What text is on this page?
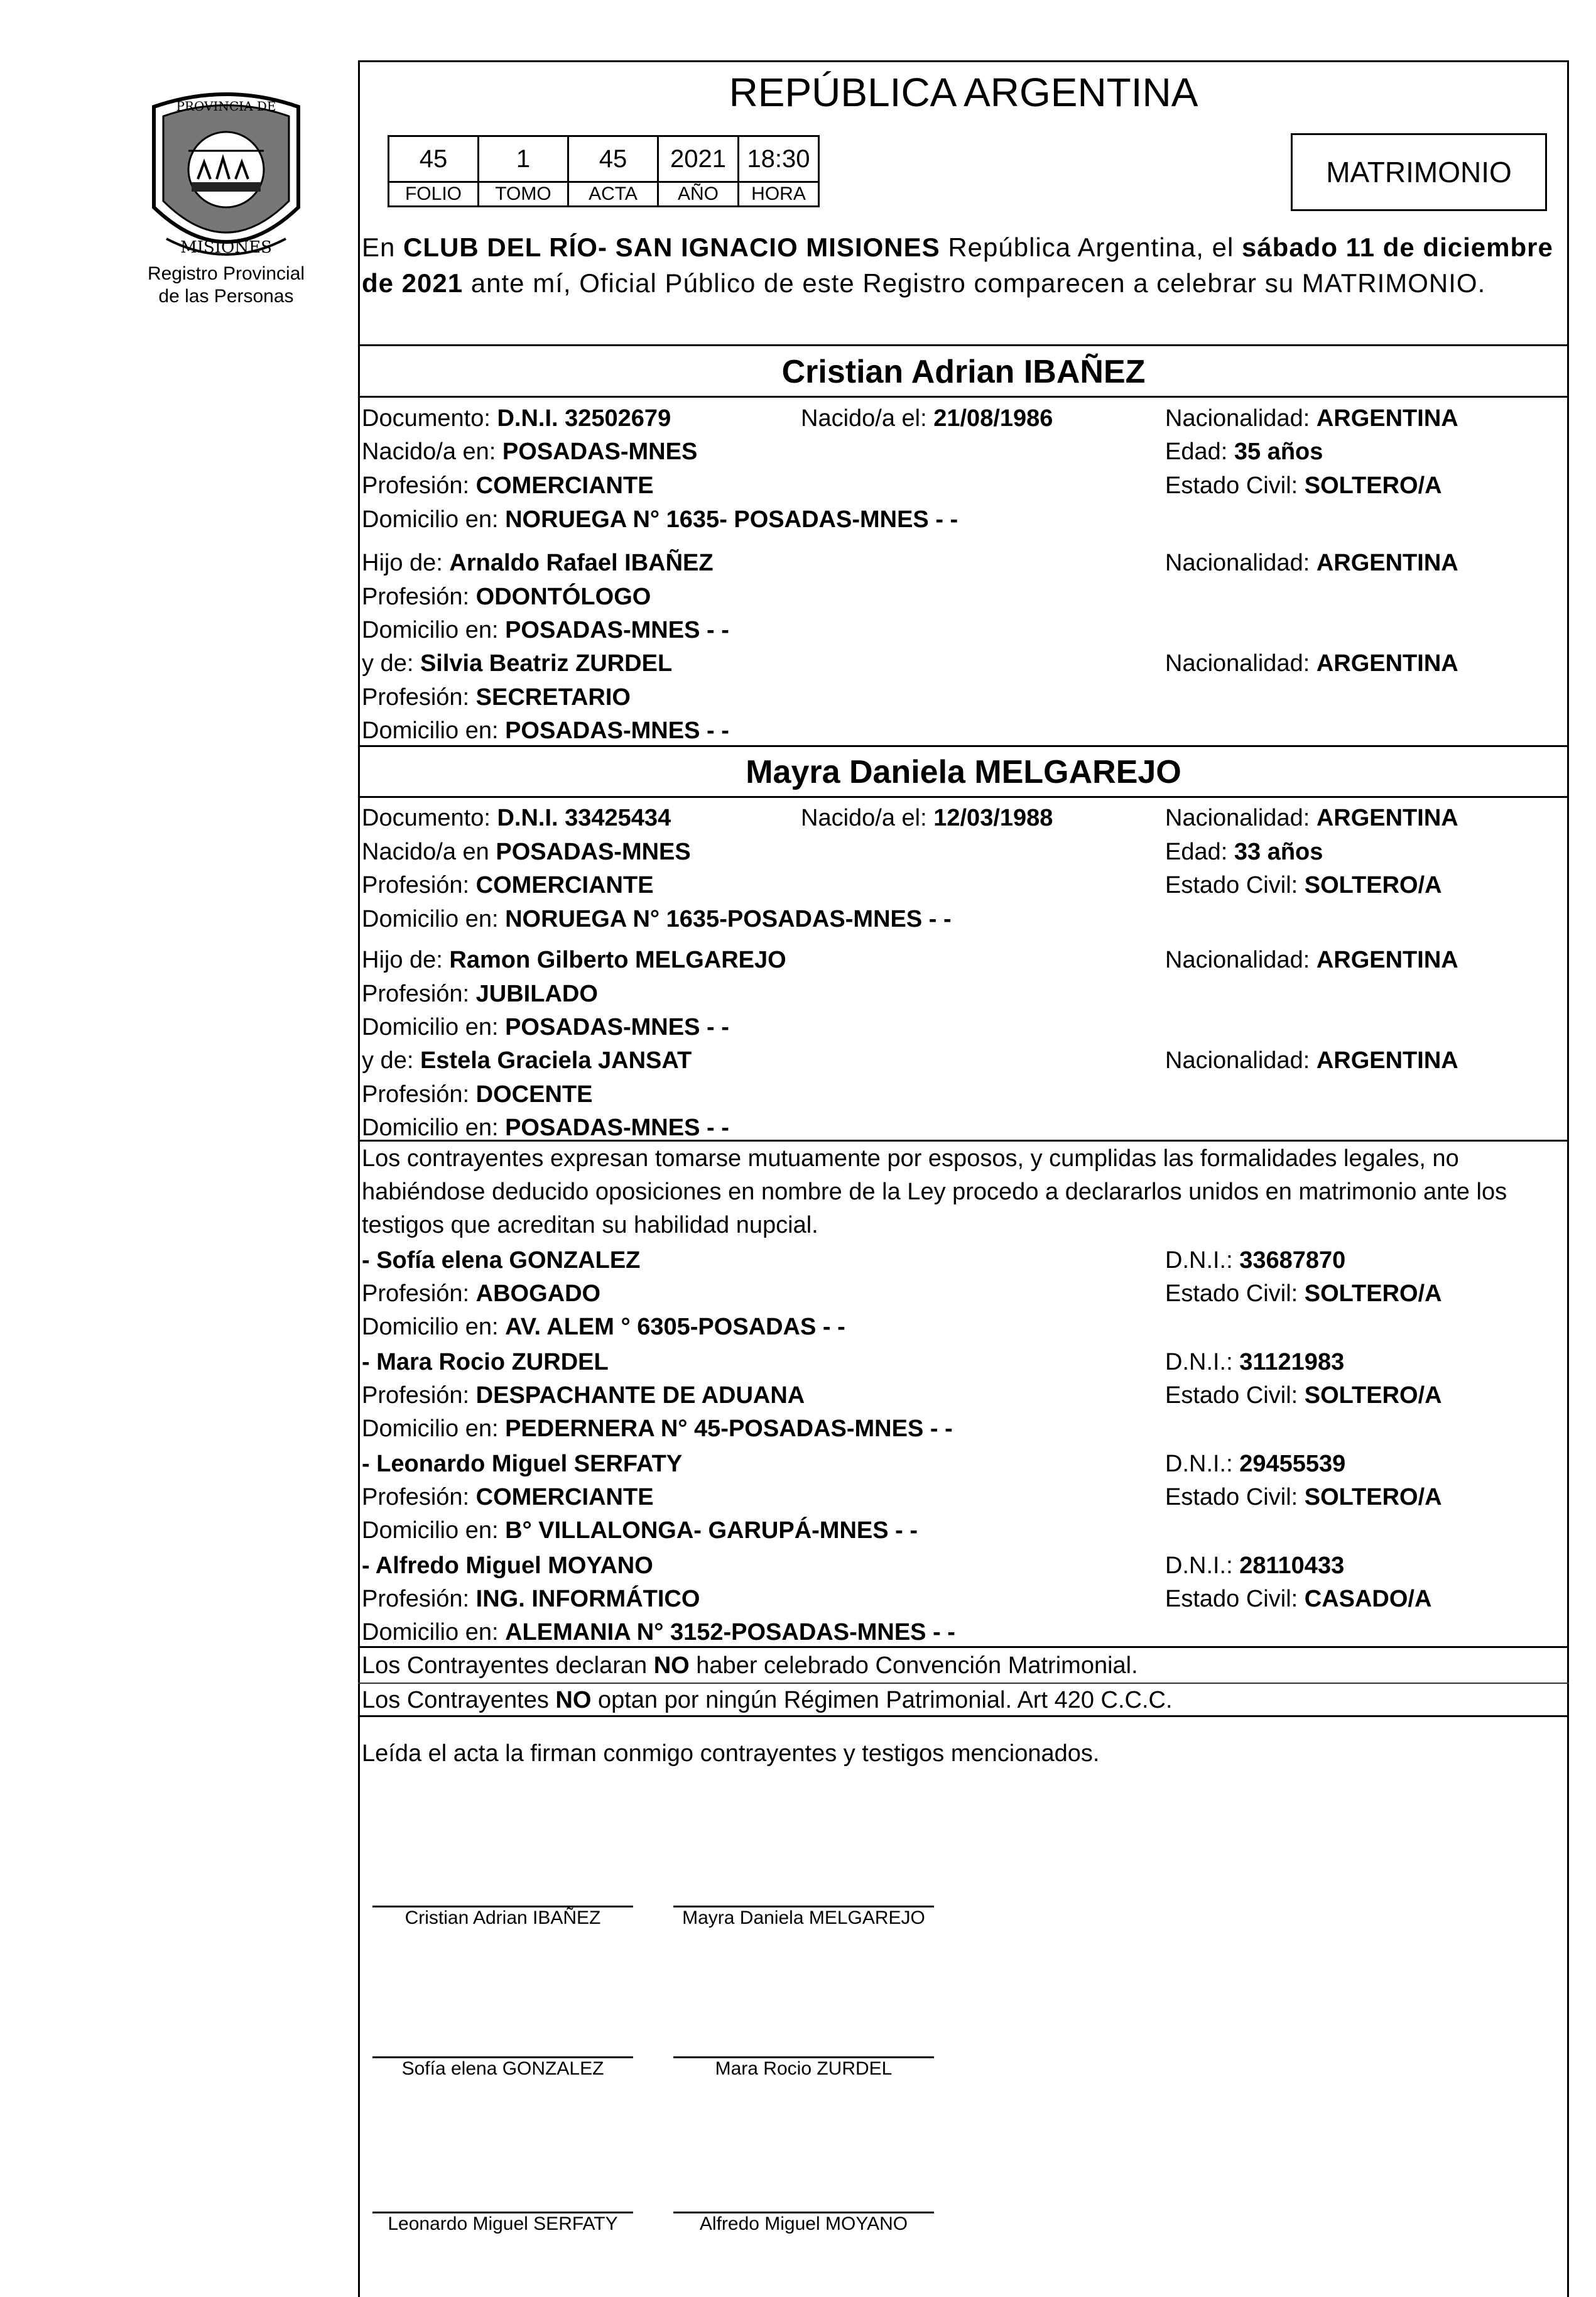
PROVINCIA DE
MISIONES
Registro Provincial
de las Personas
REPÚBLICA ARGENTINA
45	1	45	2021	18:30
FOLIO	TOMO	ACTA	AÑO	HORA
MATRIMONIO
En CLUB DEL RÍO- SAN IGNACIO MISIONES República Argentina, el sábado 11 de diciembre de 2021 ante mí, Oficial Público de este Registro comparecen a celebrar su MATRIMONIO.
Cristian Adrian IBAÑEZ
Documento: D.N.I. 32502679	Nacido/a el: 21/08/1986	Nacionalidad: ARGENTINA
Nacido/a en: POSADAS-MNES	Edad: 35 años
Profesión: COMERCIANTE	Estado Civil: SOLTERO/A
Domicilio en: NORUEGA N° 1635- POSADAS-MNES - -
Hijo de: Arnaldo Rafael IBAÑEZ	Nacionalidad: ARGENTINA
Profesión: ODONTÓLOGO
Domicilio en: POSADAS-MNES - -
y de: Silvia Beatriz ZURDEL	Nacionalidad: ARGENTINA
Profesión: SECRETARIO
Domicilio en: POSADAS-MNES - -
Mayra Daniela MELGAREJO
Documento: D.N.I. 33425434	Nacido/a el: 12/03/1988	Nacionalidad: ARGENTINA
Nacido/a en POSADAS-MNES	Edad: 33 años
Profesión: COMERCIANTE	Estado Civil: SOLTERO/A
Domicilio en: NORUEGA N° 1635-POSADAS-MNES - -
Hijo de: Ramon Gilberto MELGAREJO	Nacionalidad: ARGENTINA
Profesión: JUBILADO
Domicilio en: POSADAS-MNES - -
y de: Estela Graciela JANSAT	Nacionalidad: ARGENTINA
Profesión: DOCENTE
Domicilio en: POSADAS-MNES - -
Los contrayentes expresan tomarse mutuamente por esposos, y cumplidas las formalidades legales, no habiéndose deducido oposiciones en nombre de la Ley procedo a declararlos unidos en matrimonio ante los testigos que acreditan su habilidad nupcial.
- Sofía elena GONZALEZ	D.N.I.: 33687870
Profesión: ABOGADO	Estado Civil: SOLTERO/A
Domicilio en: AV. ALEM ° 6305-POSADAS - -
- Mara Rocio ZURDEL	D.N.I.: 31121983
Profesión: DESPACHANTE DE ADUANA	Estado Civil: SOLTERO/A
Domicilio en: PEDERNERA N° 45-POSADAS-MNES - -
- Leonardo Miguel SERFATY	D.N.I.: 29455539
Profesión: COMERCIANTE	Estado Civil: SOLTERO/A
Domicilio en: B° VILLALONGA- GARUPÁ-MNES - -
- Alfredo Miguel MOYANO	D.N.I.: 28110433
Profesión: ING. INFORMÁTICO	Estado Civil: CASADO/A
Domicilio en: ALEMANIA N° 3152-POSADAS-MNES - -
Los Contrayentes declaran NO haber celebrado Convención Matrimonial.
Los Contrayentes NO optan por ningún Régimen Patrimonial. Art 420 C.C.C.
Leída el acta la firman conmigo contrayentes y testigos mencionados.
Cristian Adrian IBAÑEZ	Mayra Daniela MELGAREJO
Sofía elena GONZALEZ	Mara Rocio ZURDEL
Leonardo Miguel SERFATY	Alfredo Miguel MOYANO
